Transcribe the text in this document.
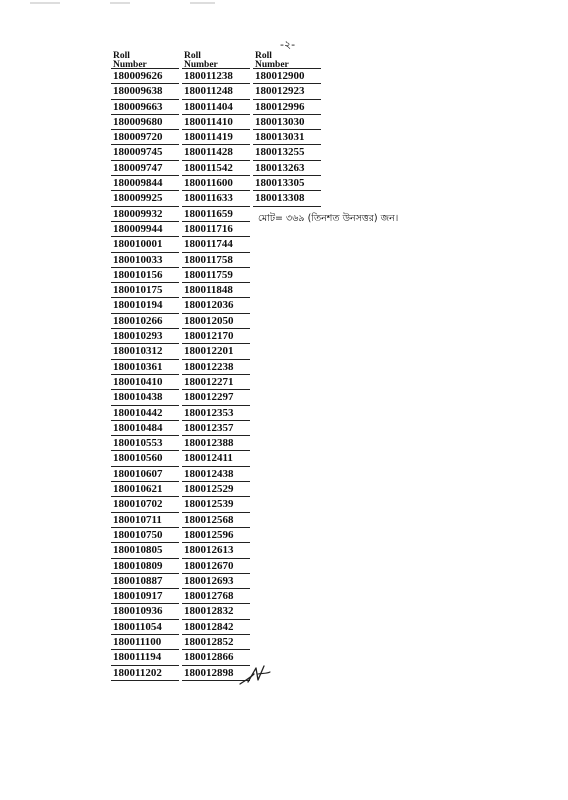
-২-
Roll
Number
180009626
180009638
180009663
180009680
180009720
180009745
180009747
180009844
180009925
180009932
180009944
180010001
180010033
180010156
180010175
180010194
180010266
180010293
180010312
180010361
180010410
180010438
180010442
180010484
180010553
180010560
180010607
180010621
180010702
180010711
180010750
180010805
180010809
180010887
180010917
180010936
180011054
180011100
180011194
180011202
Roll
Number
180011238
180011248
180011404
180011410
180011419
180011428
180011542
180011600
180011633
180011659
180011716
180011744
180011758
180011759
180011848
180012036
180012050
180012170
180012201
180012238
180012271
180012297
180012353
180012357
180012388
180012411
180012438
180012529
180012539
180012568
180012596
180012613
180012670
180012693
180012768
180012832
180012842
180012852
180012866
180012898
Roll
Number
180012900
180012923
180012996
180013030
180013031
180013255
180013263
180013305
180013308
মোট= ৩৬৯ (তিনশত উনসত্তর) জন।
